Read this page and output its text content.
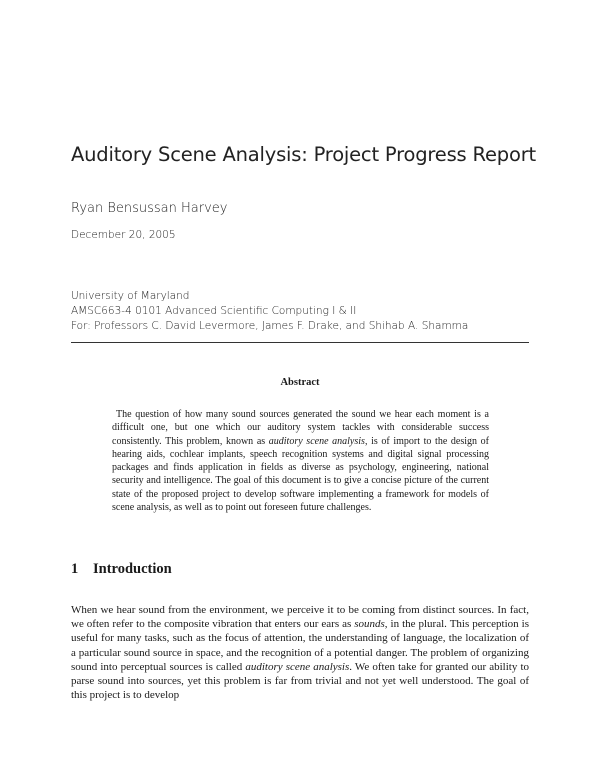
Auditory Scene Analysis: Project Progress Report
Ryan Bensussan Harvey
December 20, 2005
University of Maryland
AMSC663-4 0101 Advanced Scientific Computing I & II
For: Professors C. David Levermore, James F. Drake, and Shihab A. Shamma
Abstract
The question of how many sound sources generated the sound we hear each moment is a difficult one, but one which our auditory system tackles with considerable success consistently. This problem, known as auditory scene analysis, is of import to the design of hearing aids, cochlear implants, speech recognition systems and digital signal processing packages and finds application in fields as diverse as psychology, engineering, national security and intelligence. The goal of this document is to give a concise picture of the current state of the proposed project to develop software implementing a framework for models of scene analysis, as well as to point out foreseen future challenges.
1 Introduction
When we hear sound from the environment, we perceive it to be coming from distinct sources. In fact, we often refer to the composite vibration that enters our ears as sounds, in the plural. This perception is useful for many tasks, such as the focus of attention, the understanding of language, the localization of a particular sound source in space, and the recognition of a potential danger. The problem of organizing sound into perceptual sources is called auditory scene analysis. We often take for granted our ability to parse sound into sources, yet this problem is far from trivial and not yet well understood. The goal of this project is to develop
